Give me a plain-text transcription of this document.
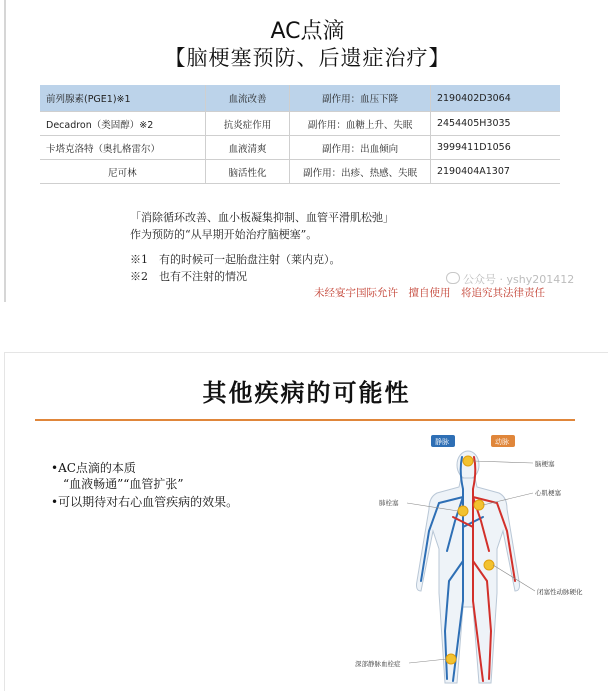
AC点滴
【脑梗塞预防、后遗症治疗】
前列腺素(PGE1)※1	血流改善	副作用：血压下降	2190402D3064
Decadron（类固醇）※2	抗炎症作用	副作用：血糖上升、失眠	2454405H3035
卡塔克洛特（奥扎格雷尔）	血液清爽	副作用：出血倾向	3999411D1056
尼可林	脑活性化	副作用：出疹、热感、失眠	2190404A1307
「消除循环改善、血小板凝集抑制、血管平滑肌松弛」
作为预防的“从早期开始治疗脑梗塞”。
※1　有的时候可一起胎盘注射（莱内克）。
※2　也有不注射的情况	公众号 · yshy201412
未经宴宇国际允许　擅自使用　将追究其法律责任
其他疾病的可能性
•AC点滴的本质
“血液畅通”“血管扩张”
•可以期待对右心血管疾病的效果。
静脉	动脉
脑梗塞
心肌梗塞
肺栓塞
闭塞性动脉硬化
深部静脉血栓症
